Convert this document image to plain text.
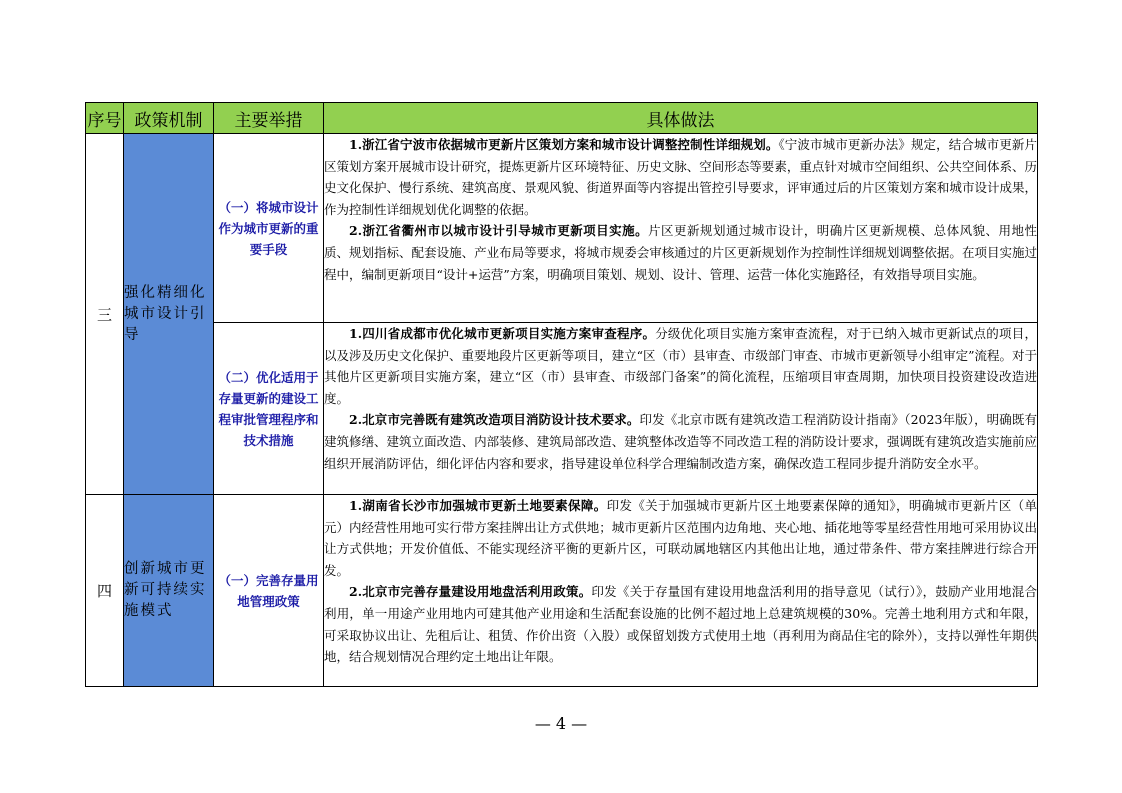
序号	政策机制	主要举措	具体做法
三	强化精细化城市设计引导	（一）将城市设计作为城市更新的重要手段	1.浙江省宁波市依据城市更新片区策划方案和城市设计调整控制性详细规划。《宁波市城市更新办法》规定，结合城市更新片区策划方案开展城市设计研究，提炼更新片区环境特征、历史文脉、空间形态等要素，重点针对城市空间组织、公共空间体系、历史文化保护、慢行系统、建筑高度、景观风貌、街道界面等内容提出管控引导要求，评审通过后的片区策划方案和城市设计成果，作为控制性详细规划优化调整的依据。

2.浙江省衢州市以城市设计引导城市更新项目实施。片区更新规划通过城市设计，明确片区更新规模、总体风貌、用地性质、规划指标、配套设施、产业布局等要求，将城市规委会审核通过的片区更新规划作为控制性详细规划调整依据。在项目实施过程中，编制更新项目“设计+运营”方案，明确项目策划、规划、设计、管理、运营一体化实施路径，有效指导项目实施。

		（二）优化适用于存量更新的建设工程审批管理程序和技术措施	1.四川省成都市优化城市更新项目实施方案审查程序。分级优化项目实施方案审查流程，对于已纳入城市更新试点的项目，以及涉及历史文化保护、重要地段片区更新等项目，建立“区（市）县审查、市级部门审查、市城市更新领导小组审定”流程。对于其他片区更新项目实施方案，建立“区（市）县审查、市级部门备案”的简化流程，压缩项目审查周期，加快项目投资建设改造进度。

2.北京市完善既有建筑改造项目消防设计技术要求。印发《北京市既有建筑改造工程消防设计指南》（2023年版），明确既有建筑修缮、建筑立面改造、内部装修、建筑局部改造、建筑整体改造等不同改造工程的消防设计要求，强调既有建筑改造实施前应组织开展消防评估，细化评估内容和要求，指导建设单位科学合理编制改造方案，确保改造工程同步提升消防安全水平。

四	创新城市更新可持续实施模式	（一）完善存量用地管理政策	1.湖南省长沙市加强城市更新土地要素保障。印发《关于加强城市更新片区土地要素保障的通知》，明确城市更新片区（单元）内经营性用地可实行带方案挂牌出让方式供地；城市更新片区范围内边角地、夹心地、插花地等零星经营性用地可采用协议出让方式供地；开发价值低、不能实现经济平衡的更新片区，可联动属地辖区内其他出让地，通过带条件、带方案挂牌进行综合开发。

2.北京市完善存量建设用地盘活利用政策。印发《关于存量国有建设用地盘活利用的指导意见（试行）》，鼓励产业用地混合利用，单一用途产业用地内可建其他产业用途和生活配套设施的比例不超过地上总建筑规模的30%。完善土地利用方式和年限，可采取协议出让、先租后让、租赁、作价出资（入股）或保留划拨方式使用土地（再利用为商品住宅的除外），支持以弹性年期供地，结合规划情况合理约定土地出让年限。

— 4 —
